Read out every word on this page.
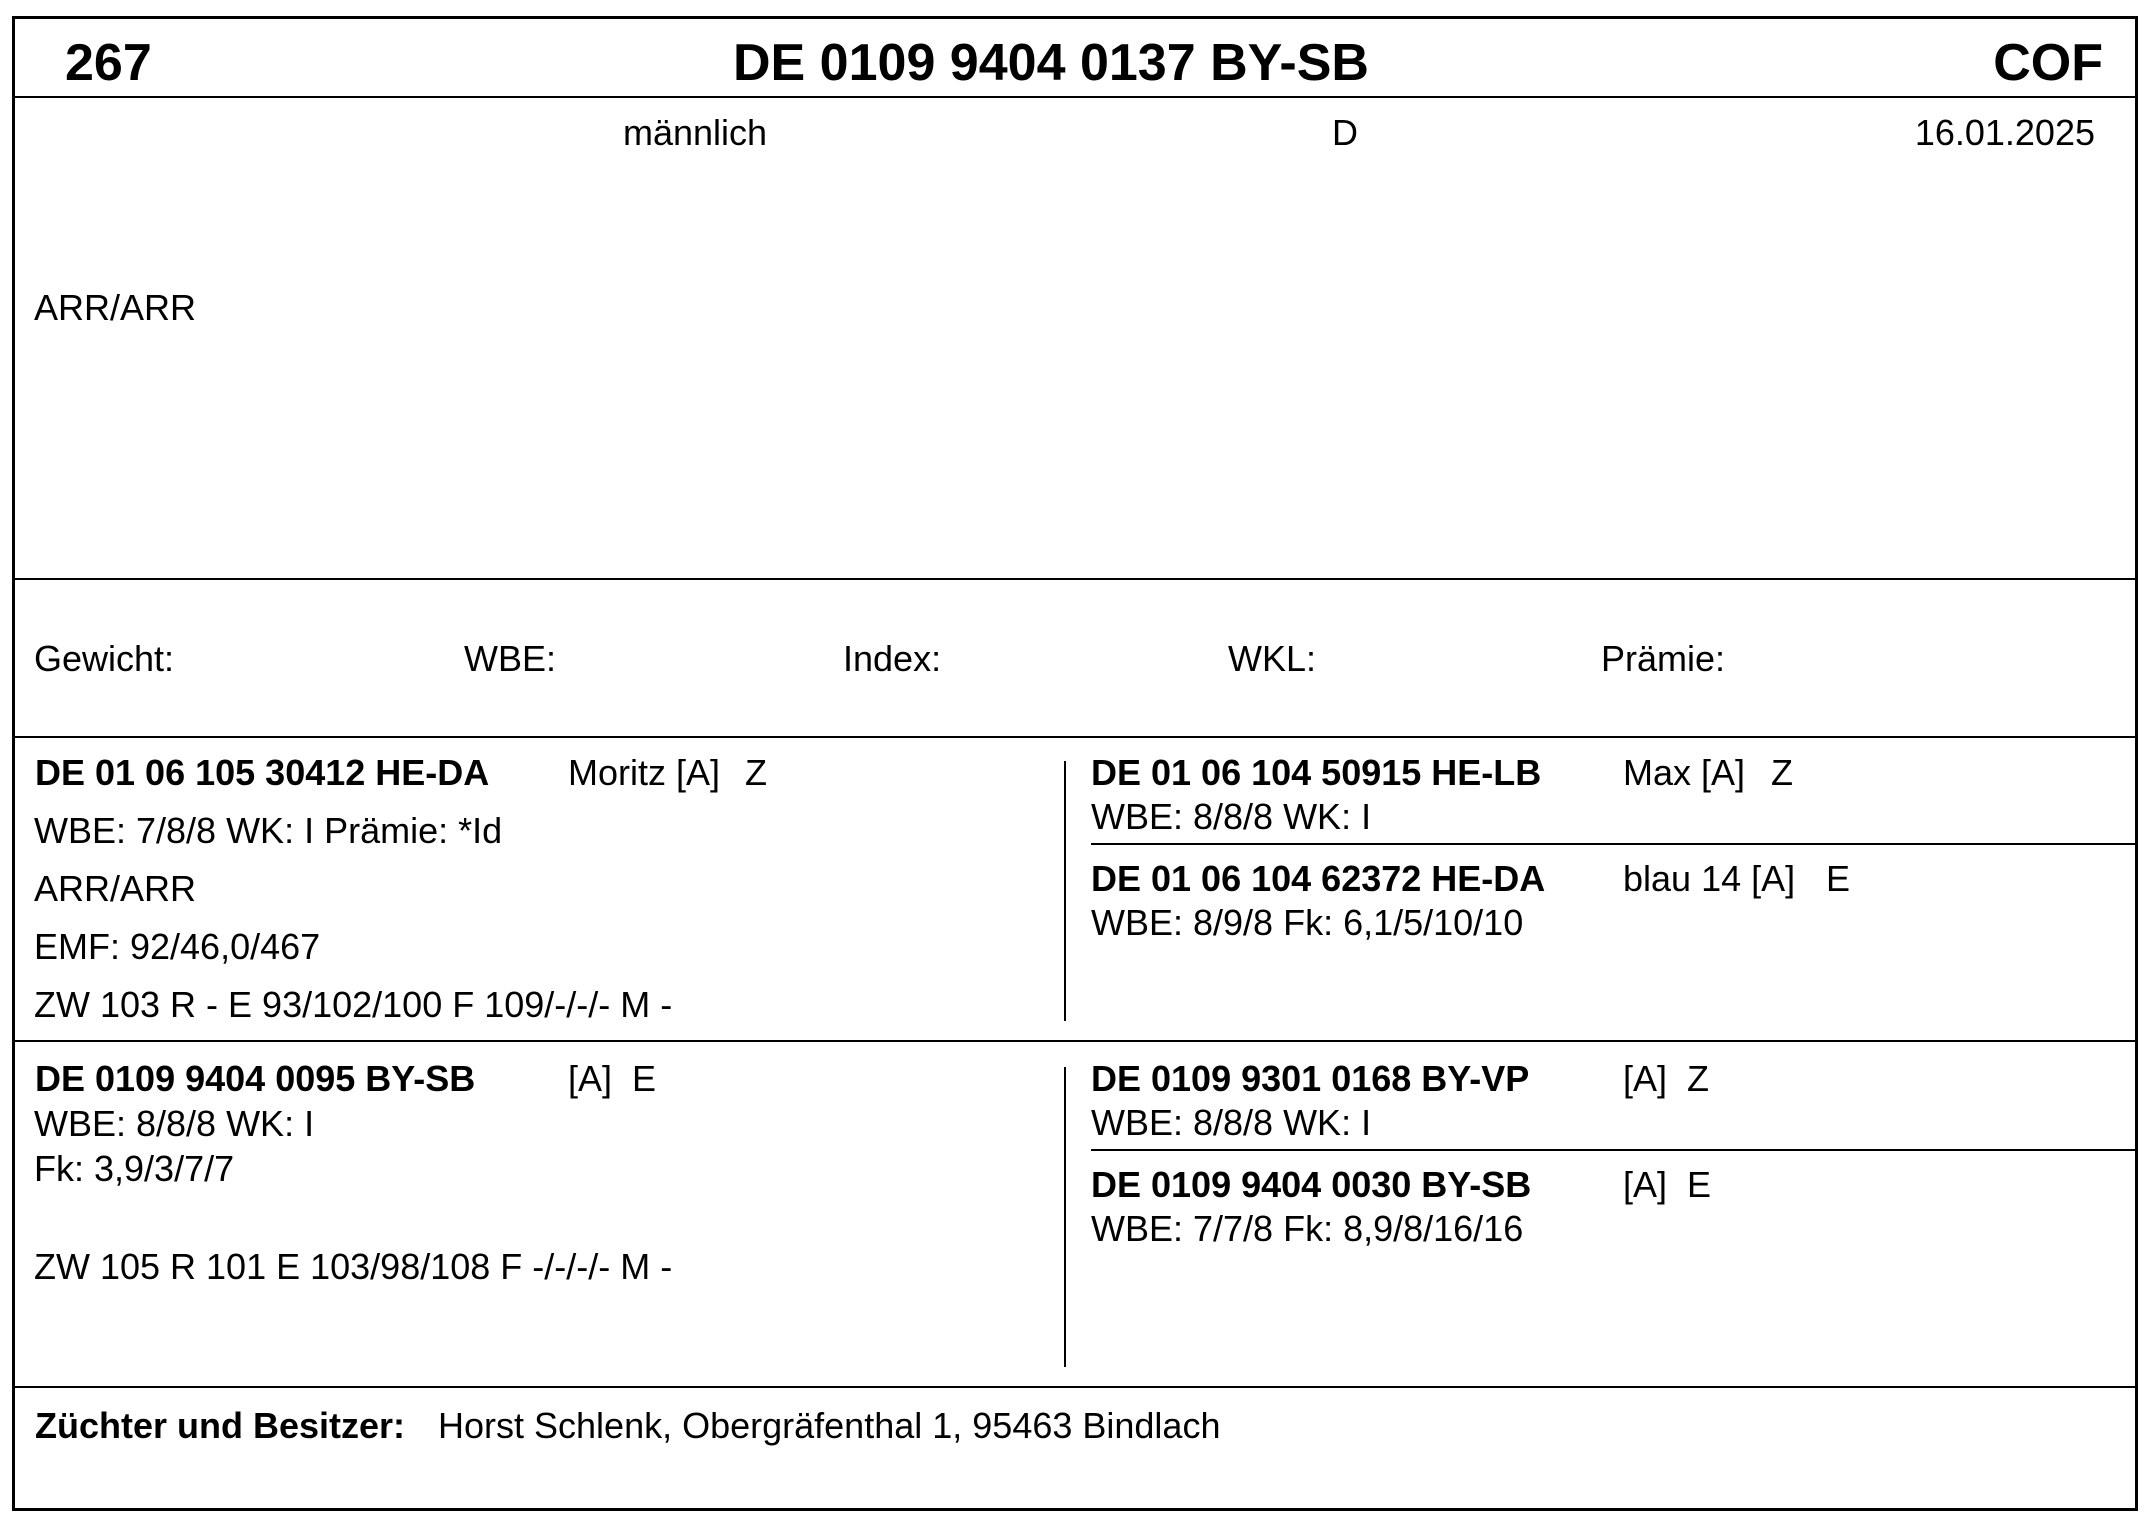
267	DE 0109 9404 0137 BY-SB	COF
männlich	D	16.01.2025
ARR/ARR
Gewicht:	WBE:	Index:	WKL:	Prämie:
DE 01 06 105 30412 HE-DA Moritz [A] Z
WBE: 7/8/8 WK: I Prämie: *Id
ARR/ARR
EMF: 92/46,0/467
ZW 103 R - E 93/102/100 F 109/-/-/- M -
DE 01 06 104 50915 HE-LB Max [A] Z
WBE: 8/8/8 WK: I
DE 01 06 104 62372 HE-DA blau 14 [A] E
WBE: 8/9/8 Fk: 6,1/5/10/10
DE 0109 9404 0095 BY-SB	[A] E
WBE: 8/8/8 WK: I
Fk: 3,9/3/7/7
ZW 105 R 101 E 103/98/108 F -/-/-/- M -
DE 0109 9301 0168 BY-VP	[A] Z
WBE: 8/8/8 WK: I
DE 0109 9404 0030 BY-SB	[A] E
WBE: 7/7/8 Fk: 8,9/8/16/16
Züchter und Besitzer: Horst Schlenk, Obergräfenthal 1, 95463 Bindlach
